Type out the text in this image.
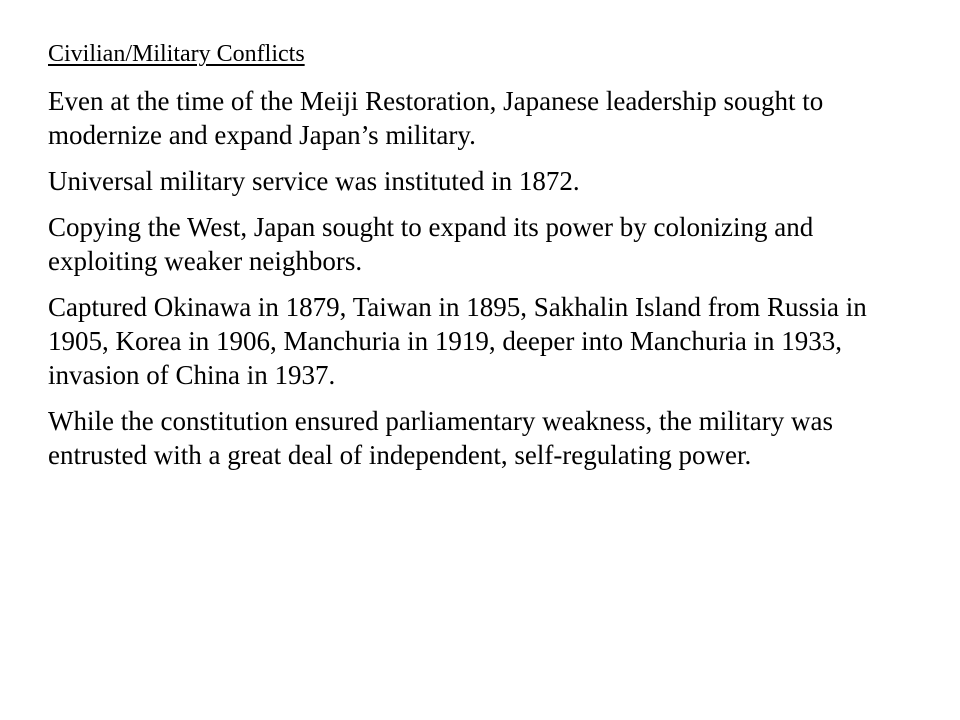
Civilian/Military Conflicts

Even at the time of the Meiji Restoration, Japanese leadership sought to modernize and expand Japan’s military.

Universal military service was instituted in 1872.

Copying the West, Japan sought to expand its power by colonizing and exploiting weaker neighbors.

Captured Okinawa in 1879, Taiwan in 1895, Sakhalin Island from Russia in 1905, Korea in 1906, Manchuria in 1919, deeper into Manchuria in 1933, invasion of China in 1937.

While the constitution ensured parliamentary weakness, the military was entrusted with a great deal of independent, self-regulating power.
